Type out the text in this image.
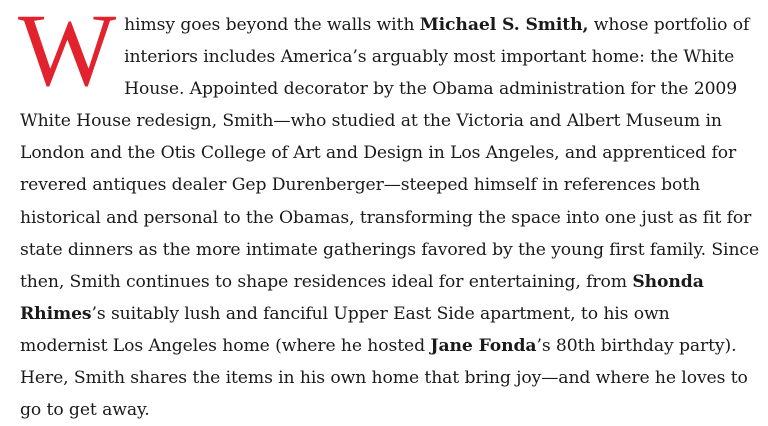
Whimsy goes beyond the walls with Michael S. Smith, whose portfolio of interiors includes America’s arguably most important home: the White House. Appointed decorator by the Obama administration for the 2009 White House redesign, Smith—who studied at the Victoria and Albert Museum in London and the Otis College of Art and Design in Los Angeles, and apprenticed for revered antiques dealer Gep Durenberger—steeped himself in references both historical and personal to the Obamas, transforming the space into one just as fit for state dinners as the more intimate gatherings favored by the young first family. Since then, Smith continues to shape residences ideal for entertaining, from Shonda Rhimes’s suitably lush and fanciful Upper East Side apartment, to his own modernist Los Angeles home (where he hosted Jane Fonda’s 80th birthday party). Here, Smith shares the items in his own home that bring joy—and where he loves to go to get away.
